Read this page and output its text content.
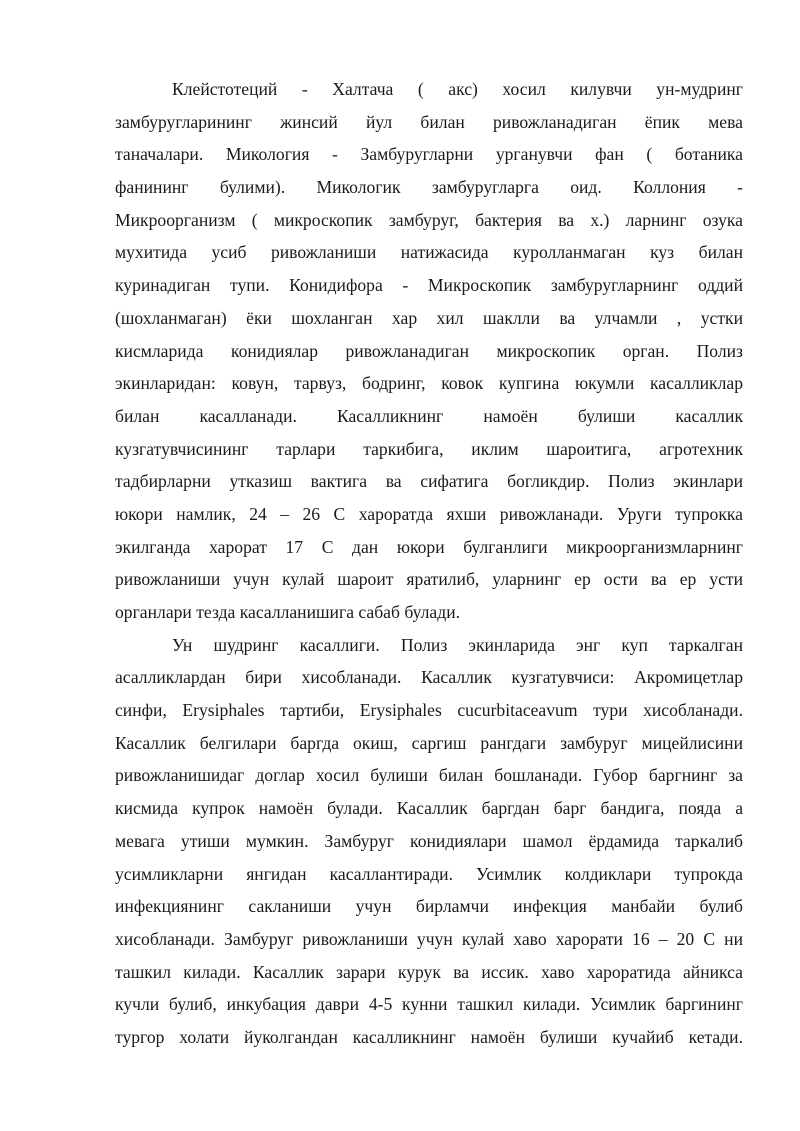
Клейстотеций - Халтача ( акс) хосил килувчи ун-мудринг
замбуругларининг жинсий йул билан ривожланадиган ёпик мева
таначалари. Микология - Замбуругларни урганувчи фан ( ботаника
фанининг булими). Микологик замбуругларга оид. Коллония -
Микроорганизм ( микроскопик замбуруг, бактерия ва х.) ларнинг озука
мухитида усиб ривожланиши натижасида куролланмаган куз билан
куринадиган тупи. Конидифора - Микроскопик замбуругларнинг оддий
(шохланмаган) ёки шохланган хар хил шаклли ва улчамли , устки
кисмларида конидиялар ривожланадиган микроскопик орган. Полиз
экинларидан: ковун, тарвуз, бодринг, ковок купгина юкумли касалликлар
билан касалланади. Касалликнинг намоён булиши касаллик
кузгатувчисининг тарлари таркибига, иклим шароитига, агротехник
тадбирларни утказиш вактига ва сифатига богликдир. Полиз экинлари
юкори намлик, 24 – 26 С хароратда яхши ривожланади. Уруги тупрокка
экилганда харорат 17 С дан юкори булганлиги микроорганизмларнинг
ривожланиши учун кулай шароит яратилиб, уларнинг ер ости ва ер усти
органлари тезда касалланишига сабаб булади.
Ун шудринг касаллиги. Полиз экинларида энг куп таркалган
асалликлардан бири хисобланади. Касаллик кузгатувчиси: Акромицетлар
синфи, Erysiphales тартиби, Erysiphales cucurbitaceavum тури хисобланади.
Касаллик белгилари баргда окиш, саргиш рангдаги замбуруг мицейлисини
ривожланишидаг доглар хосил булиши билан бошланади. Губор баргнинг за
кисмида купрок намоён булади. Касаллик баргдан барг бандига, пояда а
мевага утиши мумкин. Замбуруг конидиялари шамол ёрдамида таркалиб
усимликларни янгидан касаллантиради. Усимлик колдиклари тупрокда
инфекциянинг сакланиши учун бирламчи инфекция манбайи булиб
хисобланади. Замбуруг ривожланиши учун кулай хаво харорати 16 – 20 С ни
ташкил килади. Касаллик зарари курук ва иссик. хаво хароратида айникса
кучли булиб, инкубация даври 4-5 кунни ташкил килади. Усимлик баргининг
тургор холати йуколгандан касалликнинг намоён булиши кучайиб кетади.
